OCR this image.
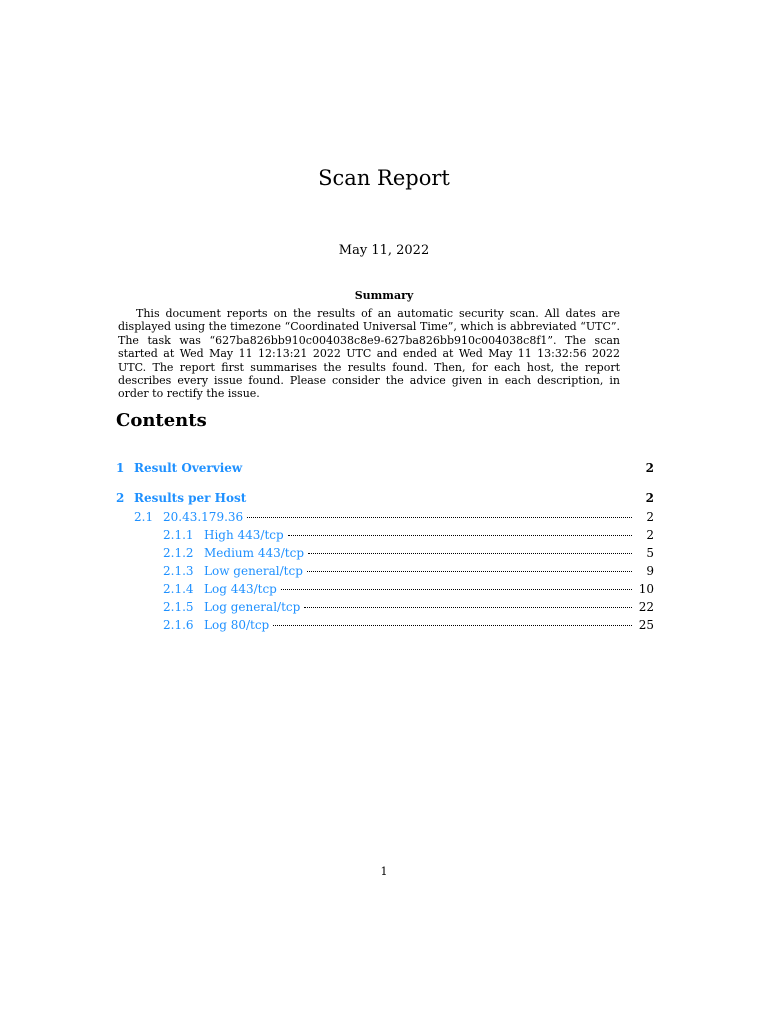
Scan Report
May 11, 2022
Summary

This document reports on the results of an automatic security scan. All dates are displayed using the timezone “Coordinated Universal Time”, which is abbreviated “UTC”. The task was “627ba826bb910c004038c8e9-627ba826bb910c004038c8f1”. The scan started at Wed May 11 12:13:21 2022 UTC and ended at Wed May 11 13:32:56 2022 UTC. The report first summarises the results found. Then, for each host, the report describes every issue found. Please consider the advice given in each description, in order to rectify the issue.

Contents
1 Result Overview	2
2 Results per Host	2
2.1 20.43.179.36	2
2.1.1 High 443/tcp	2
2.1.2 Medium 443/tcp	5
2.1.3 Low general/tcp	9
2.1.4 Log 443/tcp	10
2.1.5 Log general/tcp	22
2.1.6 Log 80/tcp	25
1
